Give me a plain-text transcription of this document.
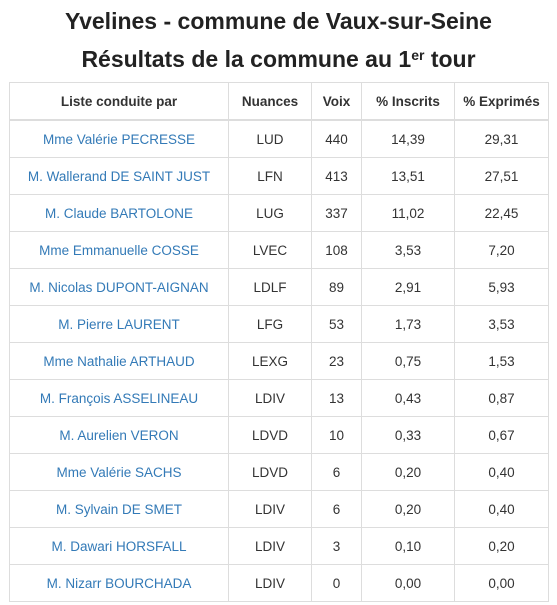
Yvelines - commune de Vaux-sur-Seine
Résultats de la commune au 1er tour
Liste conduite par	Nuances	Voix	% Inscrits	% Exprimés
Mme Valérie PECRESSE	LUD	440	14,39	29,31
M. Wallerand DE SAINT JUST	LFN	413	13,51	27,51
M. Claude BARTOLONE	LUG	337	11,02	22,45
Mme Emmanuelle COSSE	LVEC	108	3,53	7,20
M. Nicolas DUPONT-AIGNAN	LDLF	89	2,91	5,93
M. Pierre LAURENT	LFG	53	1,73	3,53
Mme Nathalie ARTHAUD	LEXG	23	0,75	1,53
M. François ASSELINEAU	LDIV	13	0,43	0,87
M. Aurelien VERON	LDVD	10	0,33	0,67
Mme Valérie SACHS	LDVD	6	0,20	0,40
M. Sylvain DE SMET	LDIV	6	0,20	0,40
M. Dawari HORSFALL	LDIV	3	0,10	0,20
M. Nizarr BOURCHADA	LDIV	0	0,00	0,00
